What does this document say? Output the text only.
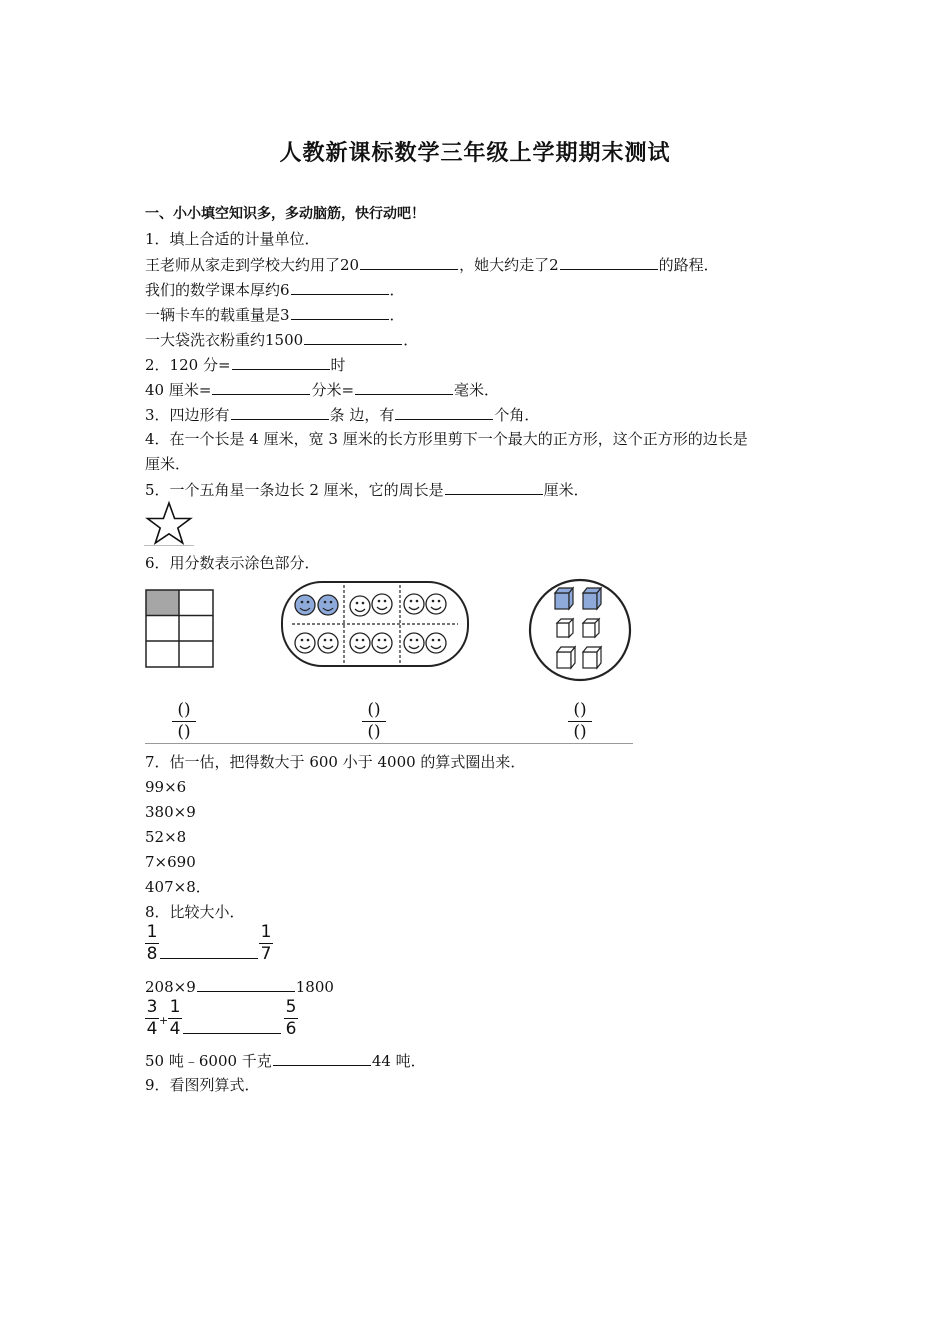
人教新课标数学三年级上学期期末测试
一、小小填空知识多，多动脑筋，快行动吧！
1．填上合适的计量单位．
王老师从家走到学校大约用了20	，她大约走了2	的路程．
我们的数学课本厚约6	．
一辆卡车的载重量是3	．
一大袋洗衣粉重约1500	．
2．120 分=	时
40 厘米=	分米=	毫米．
3．四边形有	条 边，有	个角．
4．在一个长是 4 厘米，宽 3 厘米的长方形里剪下一个最大的正方形，这个正方形的边长是
厘米．
5．一个五角星一条边长 2 厘米，它的周长是	厘米．
6．用分数表示涂色部分．
()
()
()
()
()
()
7．估一估，把得数大于 600 小于 4000 的算式圈出来．
99×6
380×9
52×8
7×690
407×8．
8．比较大小．
1
8
1
7
208×9	1800
3
4 +
1
4
5
6
50 吨﹣6000 千克	44 吨．
9．看图列算式．
